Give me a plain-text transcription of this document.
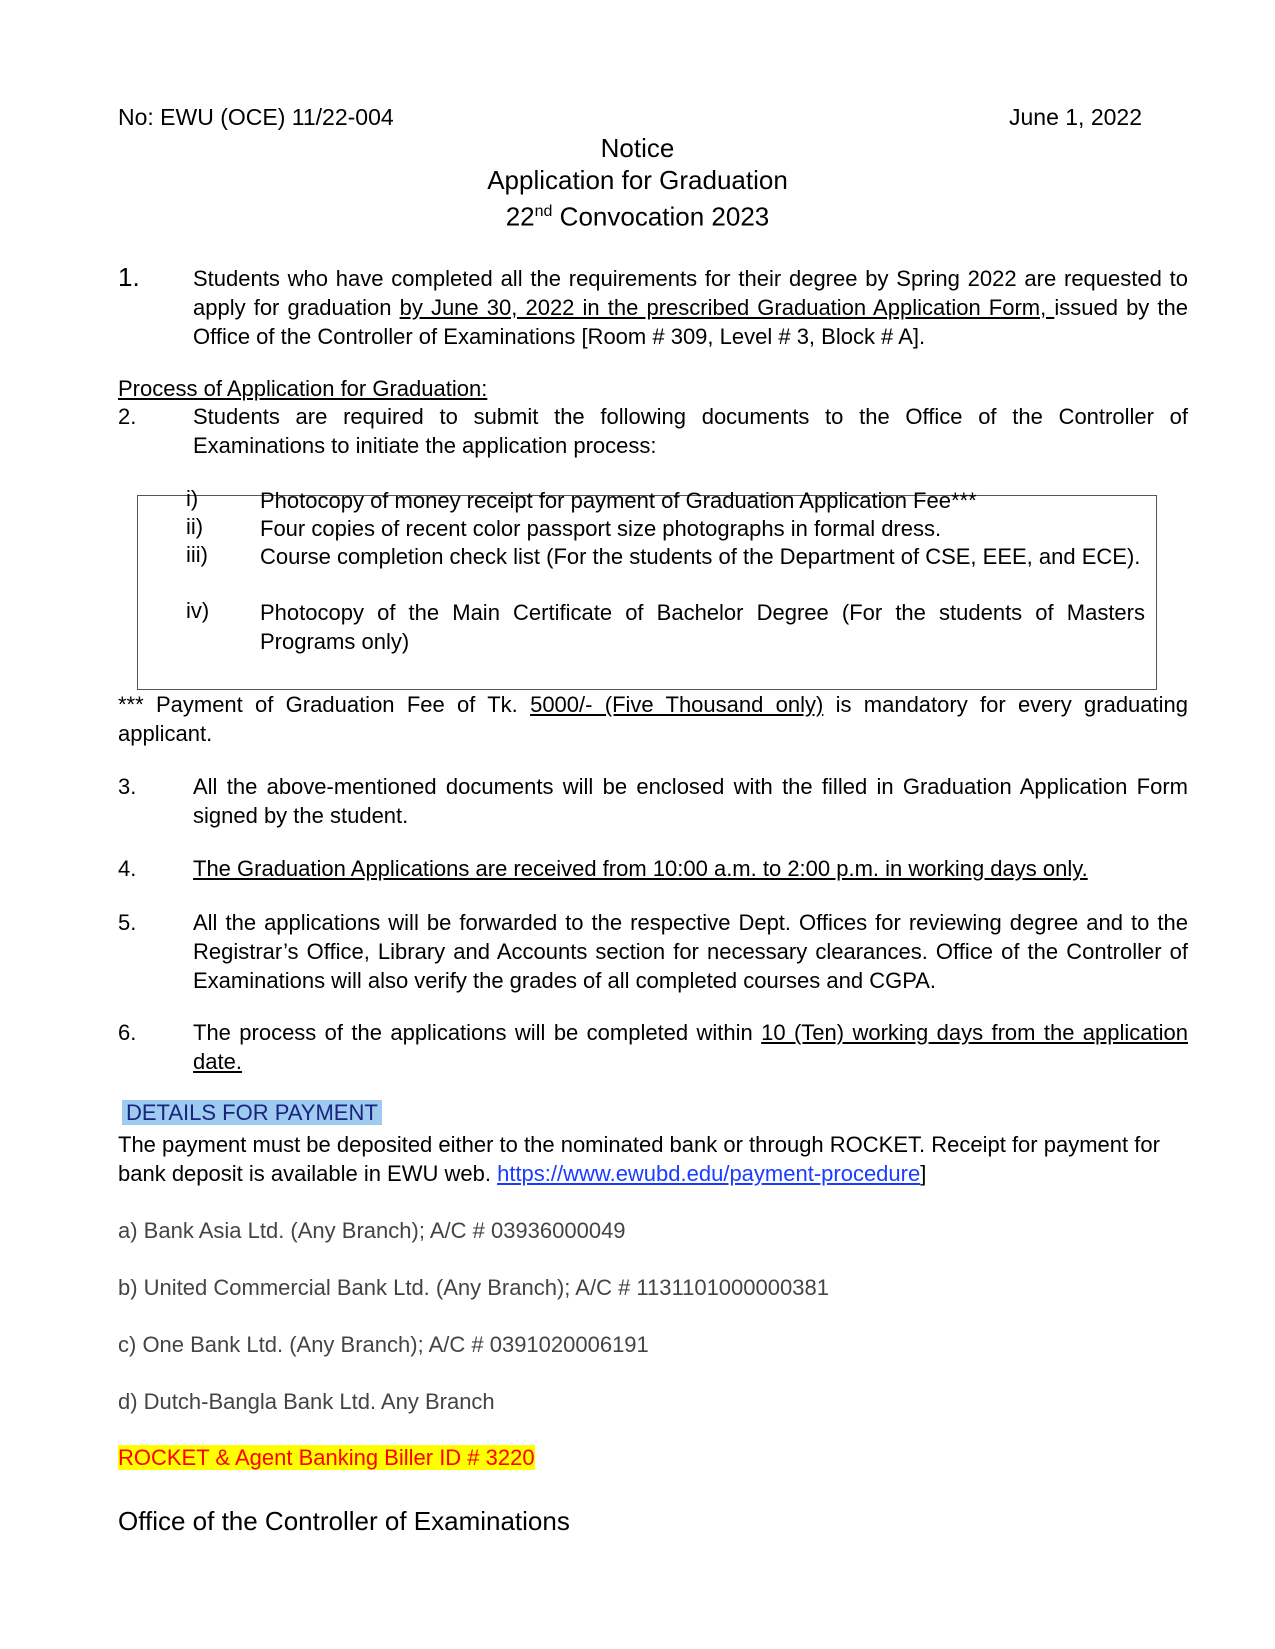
No: EWU (OCE) 11/22-004	June 1, 2022
Notice
Application for Graduation
22nd Convocation 2023
1. Students who have completed all the requirements for their degree by Spring 2022 are requested to apply for graduation by June 30, 2022 in the prescribed Graduation Application Form, issued by the Office of the Controller of Examinations [Room # 309, Level # 3, Block # A].
Process of Application for Graduation:
2.	Students are required to submit the following documents to the Office of the Controller of Examinations to initiate the application process:
i)	Photocopy of money receipt for payment of Graduation Application Fee***
ii)	Four copies of recent color passport size photographs in formal dress.
iii) Course completion check list (For the students of the Department of CSE, EEE, and ECE).
iv) Photocopy of the Main Certificate of Bachelor Degree (For the students of Masters Programs only)
*** Payment of Graduation Fee of Tk. 5000/- (Five Thousand only) is mandatory for every graduating applicant.
3.	All the above-mentioned documents will be enclosed with the filled in Graduation Application Form signed by the student.
4.	The Graduation Applications are received from 10:00 a.m. to 2:00 p.m. in working days only.
5.	All the applications will be forwarded to the respective Dept. Offices for reviewing degree and to the Registrar’s Office, Library and Accounts section for necessary clearances. Office of the Controller of Examinations will also verify the grades of all completed courses and CGPA.
6.	The process of the applications will be completed within 10 (Ten) working days from the application date.
DETAILS FOR PAYMENT
The payment must be deposited either to the nominated bank or through ROCKET. Receipt for payment for bank deposit is available in EWU web. https://www.ewubd.edu/payment-procedure]
a) Bank Asia Ltd. (Any Branch); A/C # 03936000049
b) United Commercial Bank Ltd. (Any Branch); A/C # 1131101000000381
c) One Bank Ltd. (Any Branch); A/C # 0391020006191
d) Dutch-Bangla Bank Ltd. Any Branch
ROCKET & Agent Banking Biller ID # 3220
Office of the Controller of Examinations
